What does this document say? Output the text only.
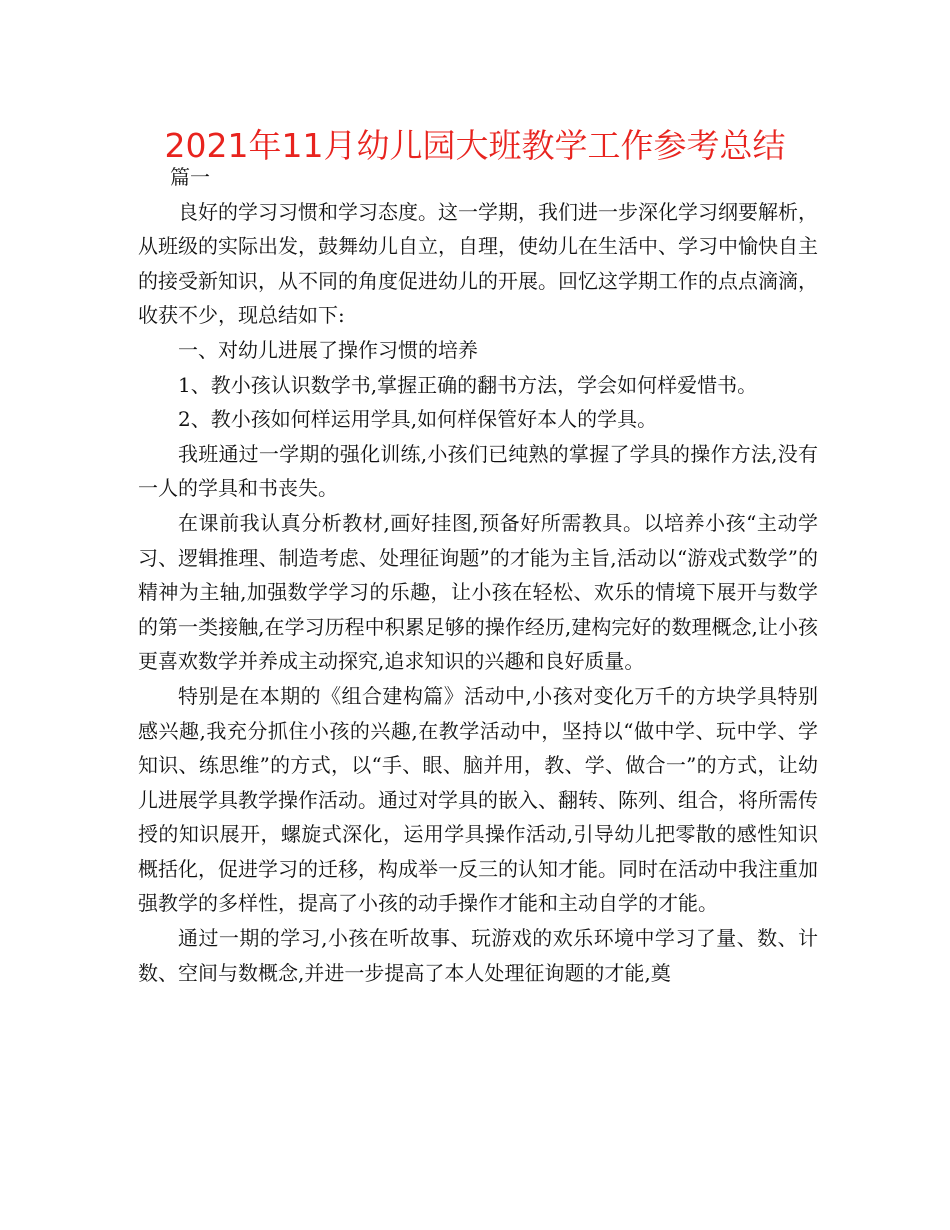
2021年11月幼儿园大班教学工作参考总结

篇一

良好的学习习惯和学习态度。这一学期，我们进一步深化学习纲要解析，从班级的实际出发，鼓舞幼儿自立，自理，使幼儿在生活中、学习中愉快自主的接受新知识，从不同的角度促进幼儿的开展。回忆这学期工作的点点滴滴，收获不少，现总结如下:

一、对幼儿进展了操作习惯的培养

1、教小孩认识数学书,掌握正确的翻书方法，学会如何样爱惜书。

2、教小孩如何样运用学具,如何样保管好本人的学具。

我班通过一学期的强化训练,小孩们已纯熟的掌握了学具的操作方法,没有一人的学具和书丧失。

在课前我认真分析教材,画好挂图,预备好所需教具。以培养小孩“主动学习、逻辑推理、制造考虑、处理征询题”的才能为主旨,活动以“游戏式数学”的精神为主轴,加强数学学习的乐趣，让小孩在轻松、欢乐的情境下展开与数学的第一类接触,在学习历程中积累足够的操作经历,建构完好的数理概念,让小孩更喜欢数学并养成主动探究,追求知识的兴趣和良好质量。

特别是在本期的《组合建构篇》活动中,小孩对变化万千的方块学具特别感兴趣,我充分抓住小孩的兴趣,在教学活动中，坚持以“做中学、玩中学、学知识、练思维”的方式，以“手、眼、脑并用，教、学、做合一”的方式，让幼儿进展学具教学操作活动。通过对学具的嵌入、翻转、陈列、组合，将所需传授的知识展开，螺旋式深化，运用学具操作活动,引导幼儿把零散的感性知识概括化，促进学习的迁移，构成举一反三的认知才能。同时在活动中我注重加强教学的多样性，提高了小孩的动手操作才能和主动自学的才能。

通过一期的学习,小孩在听故事、玩游戏的欢乐环境中学习了量、数、计数、空间与数概念,并进一步提高了本人处理征询题的才能,奠
